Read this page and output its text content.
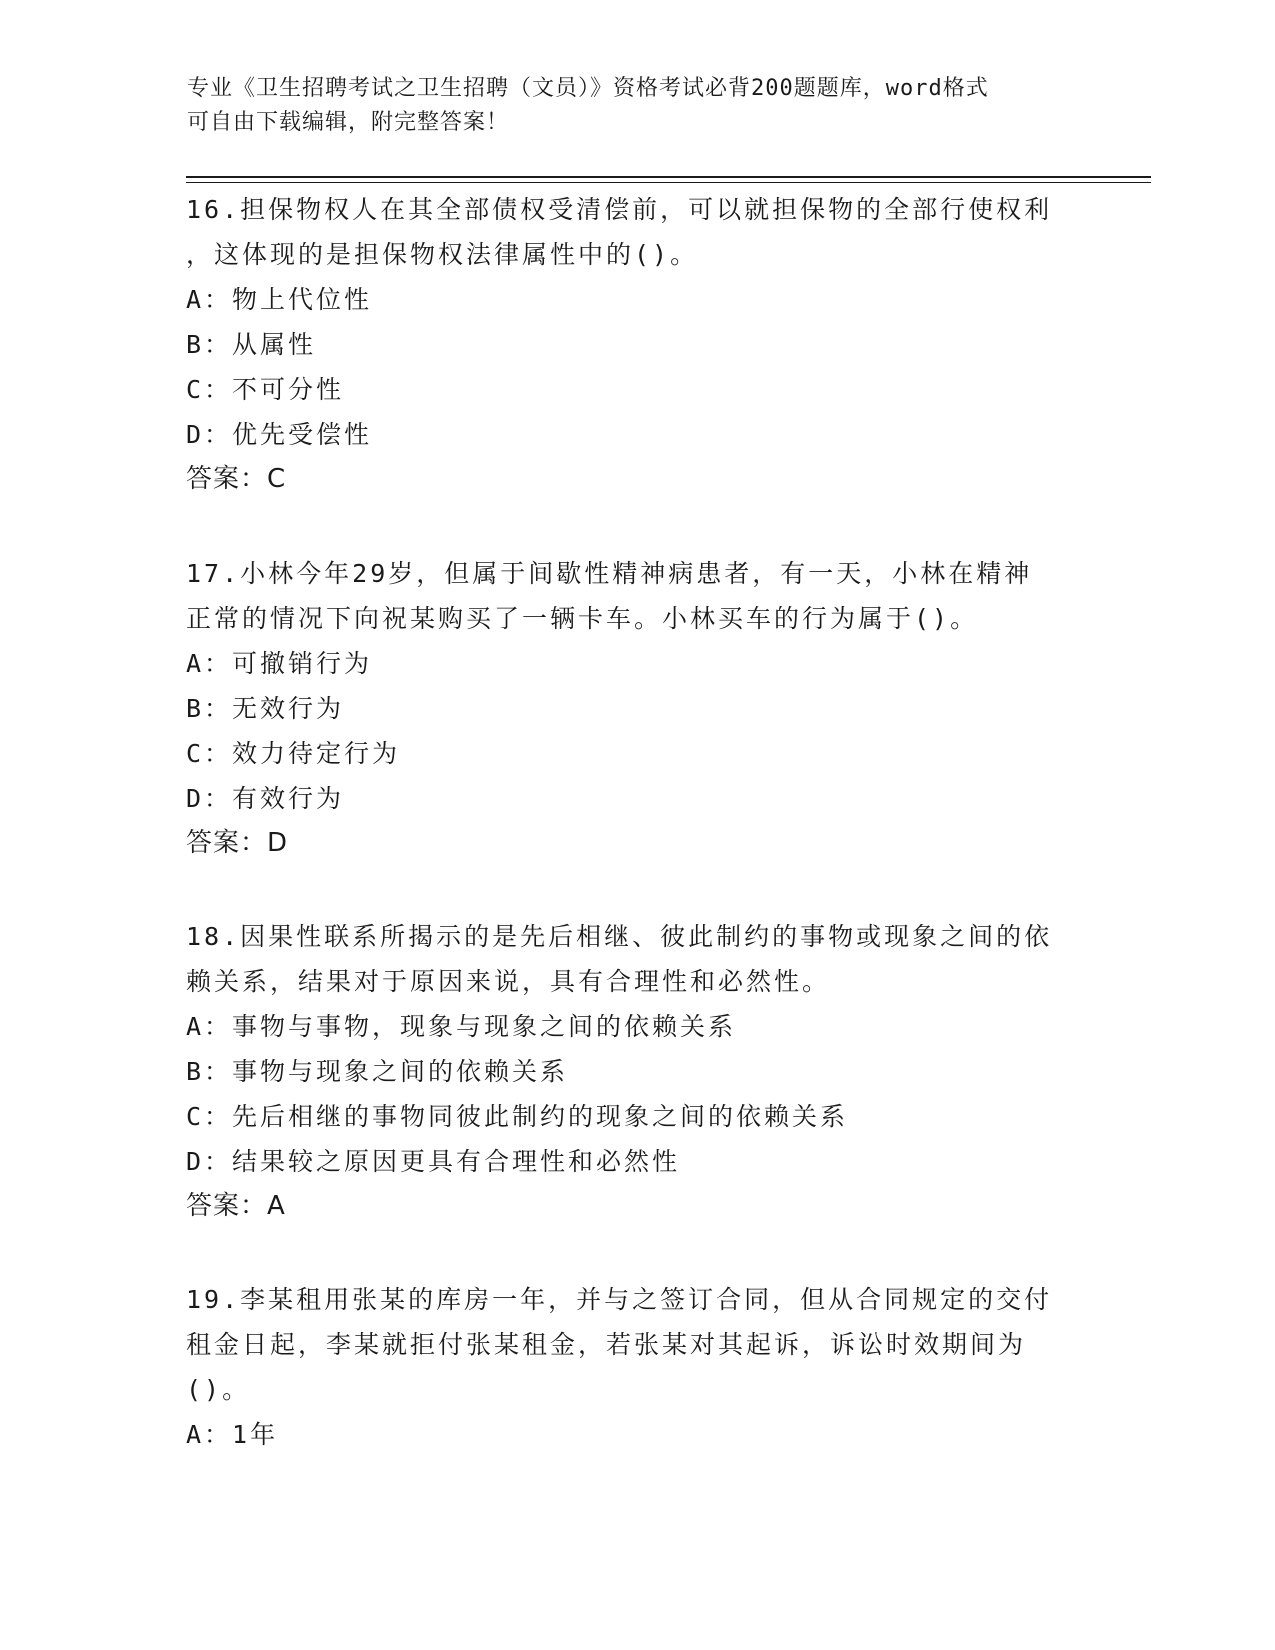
专业《卫生招聘考试之卫生招聘（文员）》资格考试必背200题题库，word格式
可自由下载编辑，附完整答案！
16.担保物权人在其全部债权受清偿前，可以就担保物的全部行使权利
，这体现的是担保物权法律属性中的()。
A：物上代位性
B：从属性
C：不可分性
D：优先受偿性
答案：C
17.小林今年29岁，但属于间歇性精神病患者，有一天，小林在精神
正常的情况下向祝某购买了一辆卡车。小林买车的行为属于()。
A：可撤销行为
B：无效行为
C：效力待定行为
D：有效行为
答案：D
18.因果性联系所揭示的是先后相继、彼此制约的事物或现象之间的依
赖关系，结果对于原因来说，具有合理性和必然性。
A：事物与事物，现象与现象之间的依赖关系
B：事物与现象之间的依赖关系
C：先后相继的事物同彼此制约的现象之间的依赖关系
D：结果较之原因更具有合理性和必然性
答案：A
19.李某租用张某的库房一年，并与之签订合同，但从合同规定的交付
租金日起，李某就拒付张某租金，若张某对其起诉，诉讼时效期间为
()。
A：1年
